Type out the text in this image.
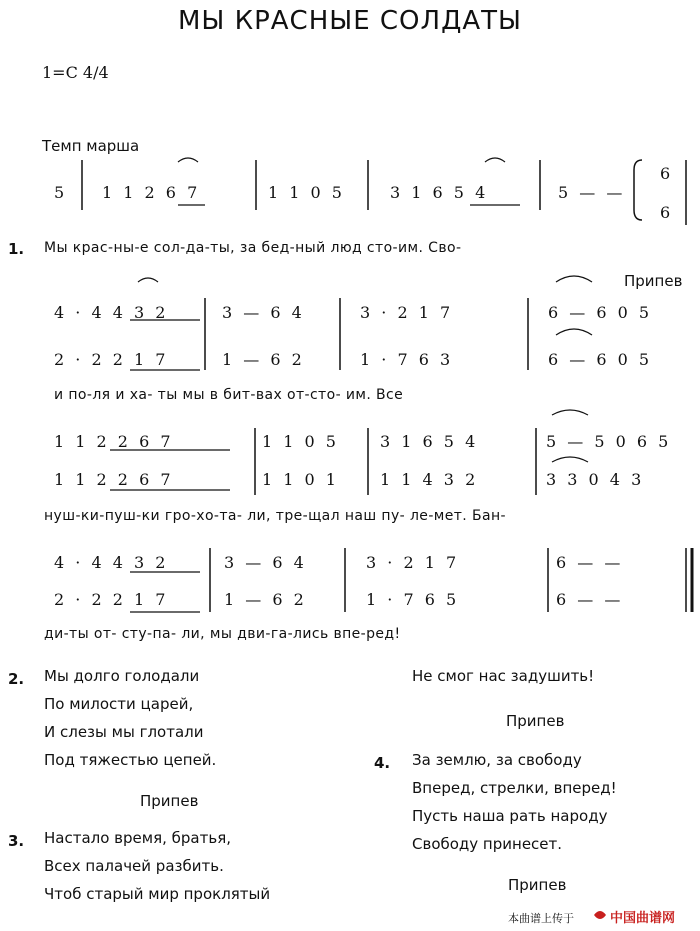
МЫ КРАСНЫЕ СОЛДАТЫ
1=C 4/4
Темп марша
5 1 1 2 6 7	1 1 0 5	3 1 6 5 4	5 — —
6
6
1. Мы крас-ны-е сол-да-ты, за бед-ный люд сто-им. Сво-
Припев
4 · 4 4 3 2	3 — 6 4	3 · 2 1 7	6 — 6 0 5
2 · 2 2 1 7	1 — 6 2	1 · 7 6 3	6 — 6 0 5
и по-ля и ха- ты мы в бит-вах от-сто- им. Все
1 1 2 2 6 7	1 1 0 5	3 1 6 5 4	5 — 5 0 6 5
1 1 2 2 6 7	1 1 0 1	1 1 4 3 2	3 3 0 4 3
нуш-ки-пуш-ки гро-хо-та- ли, тре-щал наш пу- ле-мет. Бан-
4 · 4 4 3 2	3 — 6 4	3 · 2 1 7	6 — —
2 · 2 2 1 7	1 — 6 2	1 · 7 6 5	6 — —
ди-ты от- сту-па- ли, мы дви-га-лись впе-ред!
2. Мы долго голодали
По милости царей,
И слезы мы глотали
Под тяжестью цепей.
Припев
3. Настало время, братья,
Всех палачей разбить.
Чтоб старый мир проклятый
Не смог нас задушить!
Припев
4. За землю, за свободу
Вперед, стрелки, вперед!
Пусть наша рать народу
Свободу принесет.
Припев
本曲谱上传于	中国曲谱网
